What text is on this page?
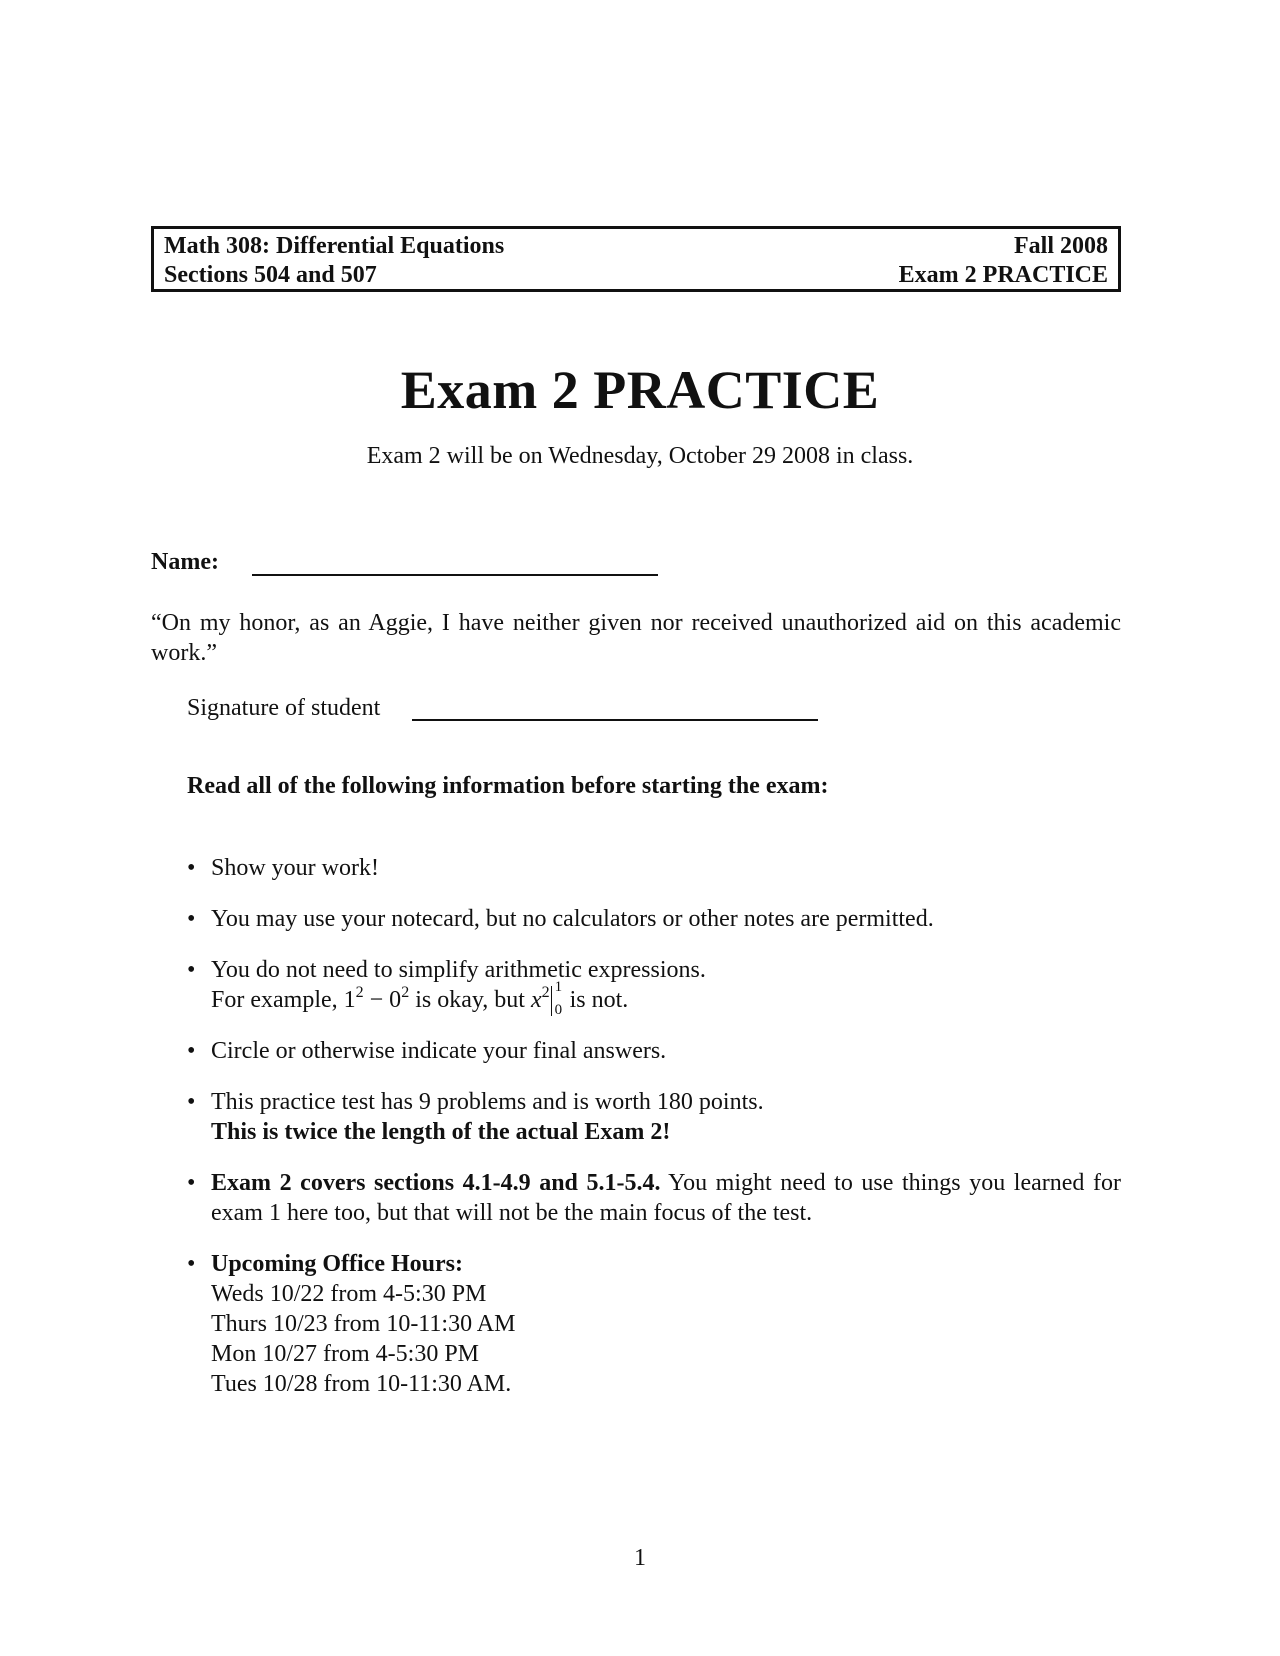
Math 308: Differential Equations	Fall 2008
Sections 504 and 507	Exam 2 PRACTICE
Exam 2 PRACTICE
Exam 2 will be on Wednesday, October 29 2008 in class.
Name:
“On my honor, as an Aggie, I have neither given nor received unauthorized aid on this academic work.”
Signature of student
Read all of the following information before starting the exam:
• Show your work!
• You may use your notecard, but no calculators or other notes are permitted.
• You do not need to simplify arithmetic expressions.
For example, $1^2 - 0^2$ is okay, but $x^2$ 1
0 is not.
• Circle or otherwise indicate your final answers.
• This practice test has 9 problems and is worth 180 points.
This is twice the length of the actual Exam 2!
• Exam 2 covers sections 4.1-4.9 and 5.1-5.4. You might need to use things you learned for exam 1 here too, but that will not be the main focus of the test.
• Upcoming Office Hours:
Weds 10/22 from 4-5:30 PM
Thurs 10/23 from 10-11:30 AM
Mon 10/27 from 4-5:30 PM
Tues 10/28 from 10-11:30 AM.
1
